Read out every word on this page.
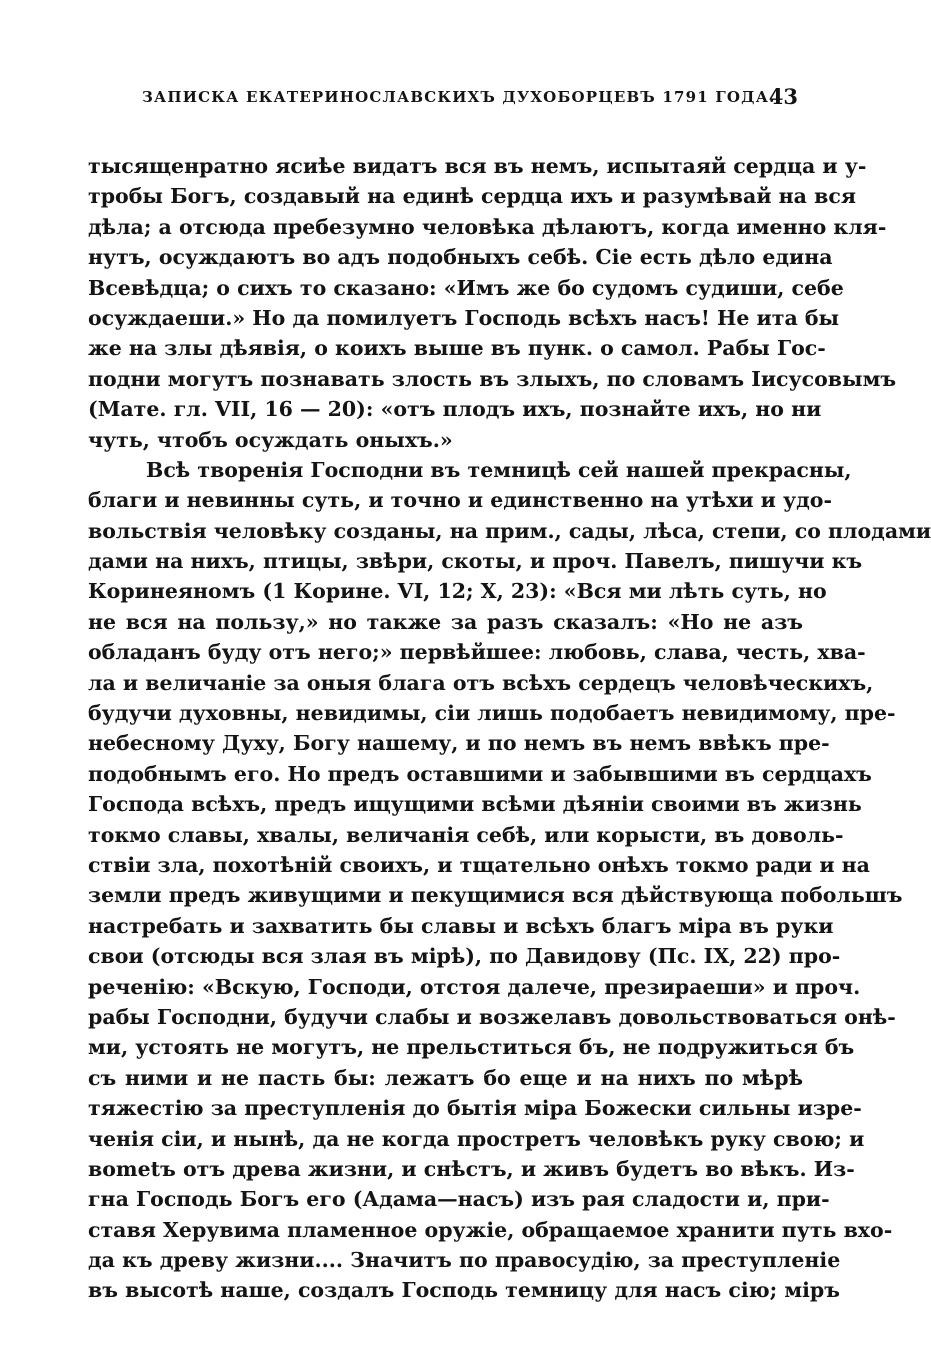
ЗАПИСКА ЕКАТЕРИНОСЛАВСКИХЪ ДУХОБОРЦЕВЪ 1791 ГОДА.
43
тысященратно ясиѣе видатъ вся въ немъ, испытаяй сердца и у-
тробы Богъ, создавый на единѣ сердца ихъ и разумѣвай на вся
дѣла; а отсюда пребезумно человѣка дѣлаютъ, когда именно кля-
нутъ, осуждаютъ во адъ подобныхъ себѣ. Сіе есть дѣло едина
Всевѣдца; о сихъ то сказано: «Имъ же бо судомъ судиши, себе
осуждаеши.» Но да помилуетъ Господь всѣхъ насъ! Не ита бы
же на злы дѣявія, о коихъ выше въ пунк. о самол. Рабы Гос-
подни могутъ познавать злость въ злыхъ, по словамъ Іисусовымъ
(Мате. гл. VII, 16 — 20): «отъ плодъ ихъ, познайте ихъ, но ни
чуть, чтобъ осуждать оныхъ.»
Всѣ творенія Господни въ темницѣ сей нашей прекрасны,
благи и невинны суть, и точно и единственно на утѣхи и удо-
вольствія человѣку созданы, на прим., сады, лѣса, степи, со плодами
дами на нихъ, птицы, звѣри, скоты, и проч. Павелъ, пишучи къ
Коринеяномъ (1 Корине. VI, 12; X, 23): «Вся ми лѣть суть, но
не вся на пользу,» но также за разъ сказалъ: «Но не азъ
обладанъ буду отъ него;» первѣйшее: любовь, слава, честь, хва-
ла и величаніе за оныя блага отъ всѣхъ сердецъ человѣческихъ,
будучи духовны, невидимы, сіи лишь подобаетъ невидимому, пре-
небесному Духу, Богу нашему, и по немъ въ немъ ввѣкъ пре-
подобнымъ его. Но предъ оставшими и забывшими въ сердцахъ
Господа всѣхъ, предъ ищущими всѣми дѣяніи своими въ жизнь
токмо славы, хвалы, величанія себѣ, или корысти, въ доволь-
ствіи зла, похотѣній своихъ, и тщательно онѣхъ токмо ради и на
земли предъ живущими и пекущимися вся дѣйствующа побольшъ
настребать и захватить бы славы и всѣхъ благъ міра въ руки
свои (отсюды вся злая въ мірѣ), по Давидову (Пс. IX, 22) про-
реченію: «Вскую, Господи, отстоя далече, презираеши» и проч.
рабы Господни, будучи слабы и возжелавъ довольствоваться онѣ-
ми, устоять не могутъ, не прельститься бъ, не подружиться бъ
съ ними и не пасть бы: лежатъ бо еще и на нихъ по мѣрѣ
тяжестію за преступленія до бытія міра Божески сильны изре-
ченія сіи, и нынѣ, да не когда простретъ человѣкъ руку свою; и
вometъ отъ древа жизни, и снѣстъ, и живъ будетъ во вѣкъ. Из-
гна Господь Богъ его (Адама—насъ) изъ рая сладости и, при-
ставя Херувима пламенное оружіе, обращаемое хранити путь вхо-
да къ древу жизни.... Значитъ по правосудію, за преступленіе
въ высотѣ наше, создалъ Господь темницу для насъ сію; міръ
